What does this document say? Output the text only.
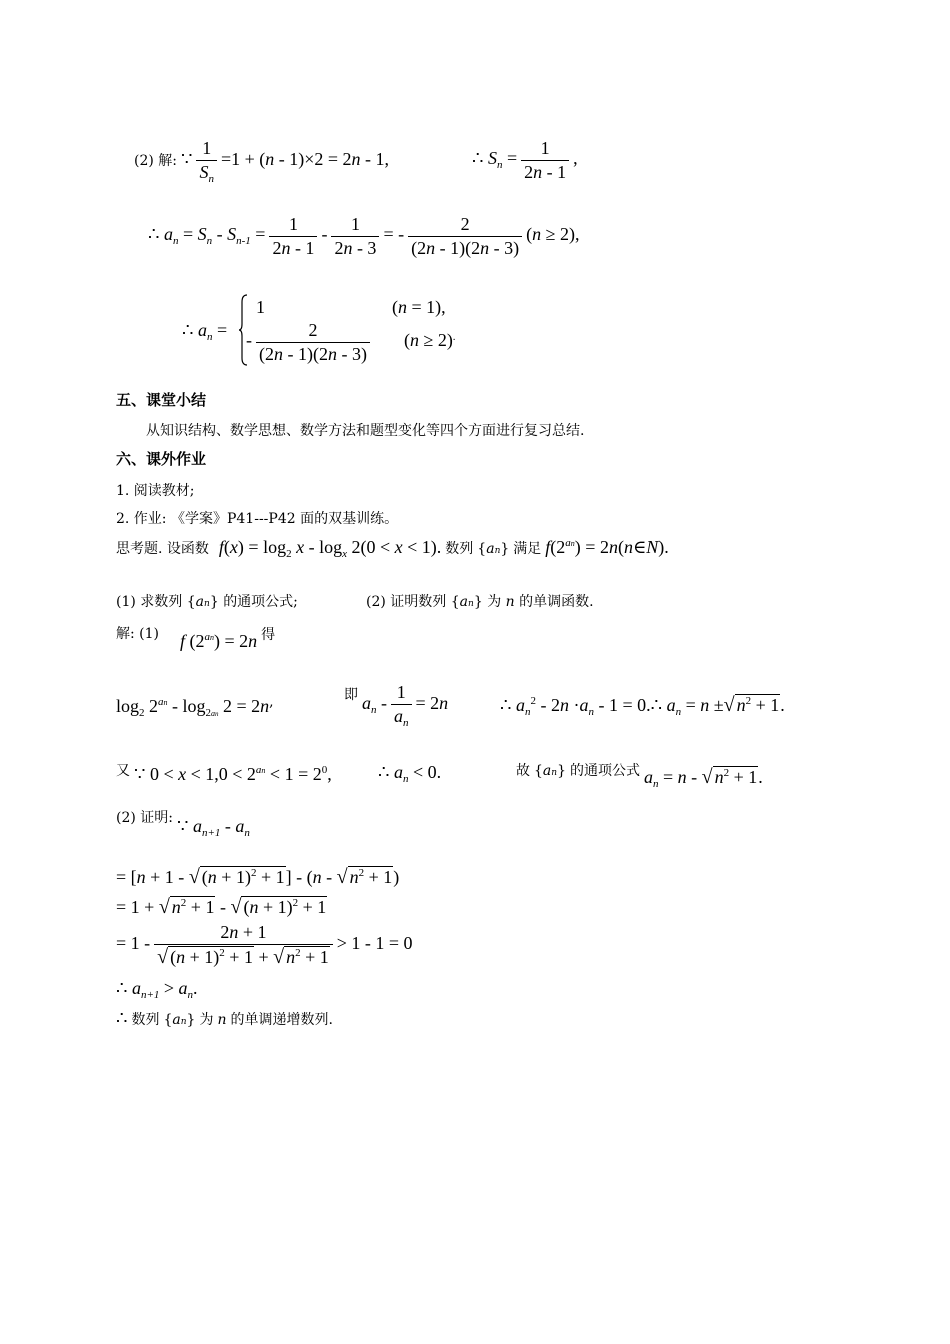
(2) 解: ∵ $\frac{1}{S_n} =1 + (n - 1)\times 2 = 2n - 1$,	∴ $S_n = \frac{1}{2n - 1}$ ,
∴ $a_n = S_n - S_{n-1} = \frac{1}{2n - 1} - \frac{1}{2n - 3}$ = - $\frac{2}{(2n - 1)(2n - 3)} (n \ge 2)$,
∴ $a_n$ =
1	(n = 1),
- $\frac{2}{(2n - 1)(2n - 3)} (n \ge 2)^.$
五、课堂小结
从知识结构、数学思想、数学方法和题型变化等四个方面进行复习总结.
六、课外作业
1. 阅读教材;
2. 作业: 《学案》P41---P42 面的双基训练。
思考题. 设函数 $f(x) = \log_2 x - \log_x 2(0 < x < 1)$. 数列 {an} 满足 $f(2^{an})$ = 2n(n∈N).
(1) 求数列 {an} 的通项公式;	(2) 证明数列 {an} 为 n 的单调函数.
解: (1) f $(2^{an}) = 2n$ 得
$\log_2 2^{an} - \log_{2an} 2 = 2n$,	即 $a_n - \frac{1}{a_n} = 2n$	∴ $a_n^2 - 2n \cdot a_n - 1$ = 0.∴ $a_n = n$ ±√ $n^2 + 1$.
又 ∵ $0 < x < 1,0 < 2^{an} < 1 = 2^0$,	∴ $a_n < 0$.	故 {an} 的通项公式 $a_n = n$ - √ $n^2 + 1$.
(2) 证明: ∵ $a_{n+1} - a_n$
= [n + 1 - √ $(n + 1)^2 + 1] - (n$ - √ $n^2 + 1$)
= 1 + √ $n^2 + 1$ - √ $(n + 1)^2 + 1$
= $1 - \frac{2n + 1}{√ (n + 1)^2 + 1 + √ n^2 + 1} > 1 - 1 = 0$
∴ $a_{n+1} > a_n$.
∴ 数列 {an} 为 n 的单调递增数列.
